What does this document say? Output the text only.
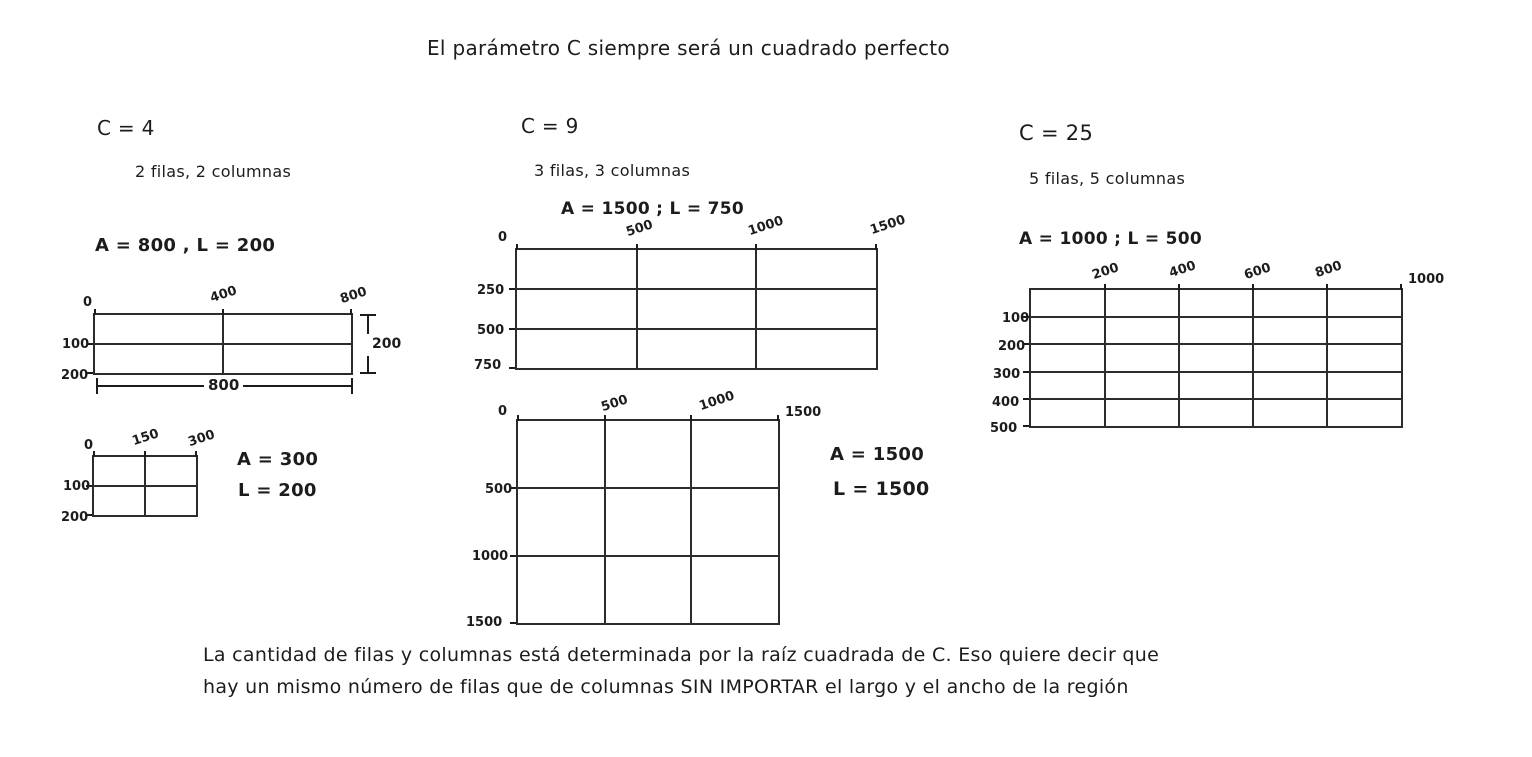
El parámetro C siempre será un cuadrado perfecto
C = 4
2 filas, 2 columnas
A = 800 , L = 200
0	400	800
100
200
200
800
0	150 300
100
200
A = 300
L = 200
C = 9
3 filas, 3 columnas
A = 1500 ; L = 750
0	500	1000	1500
250
500
750
0	500	1000	1500
500
1000
1500
A = 1500
L = 1500
C = 25
5 filas, 5 columnas
A = 1000 ; L = 500
200	400	600	800	1000
100
200
300
400
500
La cantidad de filas y columnas está determinada por la raíz cuadrada de C. Eso quiere decir que
hay un mismo número de filas que de columnas SIN IMPORTAR el largo y el ancho de la región
